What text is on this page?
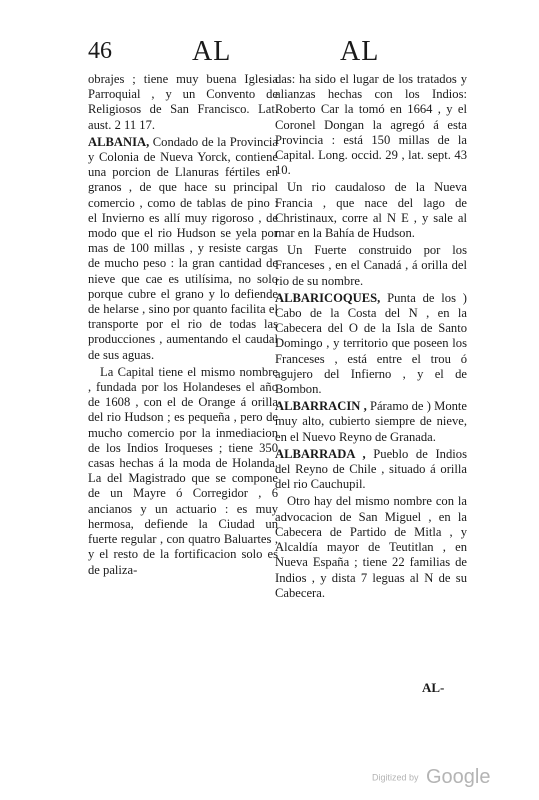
46	AL	AL

obrajes ; tiene muy buena Iglesia Parroquial , y un Convento de Religiosos de San Francisco. Lat. aust. 2 11 17.

ALBANIA, Condado de la Provincia y Colonia de Nueva Yorck, contiene una porcion de Llanuras fértiles en granos , de que hace su principal comercio , como de tablas de pino : el Invierno es allí muy rigoroso , de modo que el rio Hudson se yela por mas de 100 millas , y resiste cargas de mucho peso : la gran cantidad de nieve que cae es utilísima, no solo porque cubre el grano y lo defiende de helarse , sino por quanto facilita el transporte por el rio de todas las producciones , aumentando el caudal de sus aguas.

La Capital tiene el mismo nombre , fundada por los Holandeses el año de 1608 , con el de Orange á orilla del rio Hudson ; es pequeña , pero de mucho comercio por la inmediacion de los Indios Iroqueses ; tiene 350 casas hechas á la moda de Holanda. La del Magistrado que se compone de un Mayre ó Corregidor , 6 ancianos y un actuario : es muy hermosa, defiende la Ciudad un fuerte regular , con quatro Baluartes , y el resto de la fortificacion solo es de paliza-

das: ha sido el lugar de los tratados y alianzas hechas con los Indios: Roberto Car la tomó en 1664 , y el Coronel Dongan la agregó á esta Provincia : está 150 millas de la Capital. Long. occid. 29 , lat. sept. 43 10.

Un rio caudaloso de la Nueva Francia , que nace del lago de Christinaux, corre al N E , y sale al mar en la Bahía de Hudson.

Un Fuerte construido por los Franceses , en el Canadá , á orilla del rio de su nombre.

ALBARICOQUES, Punta de los ) Cabo de la Costa del N , en la Cabecera del O de la Isla de Santo Domingo , y territorio que poseen los Franceses , está entre el trou ó agujero del Infierno , y el de Bombon.

ALBARRACIN , Páramo de ) Monte muy alto, cubierto siempre de nieve, en el Nuevo Reyno de Granada.

ALBARRADA , Pueblo de Indios del Reyno de Chile , situado á orilla del rio Cauchupil.

Otro hay del mismo nombre con la advocacion de San Miguel , en la Cabecera de Partido de Mitla , y Alcaldía mayor de Teutitlan , en Nueva España ; tiene 22 familias de Indios , y dista 7 leguas al N de su Cabecera.

AL-
Digitized by Google
